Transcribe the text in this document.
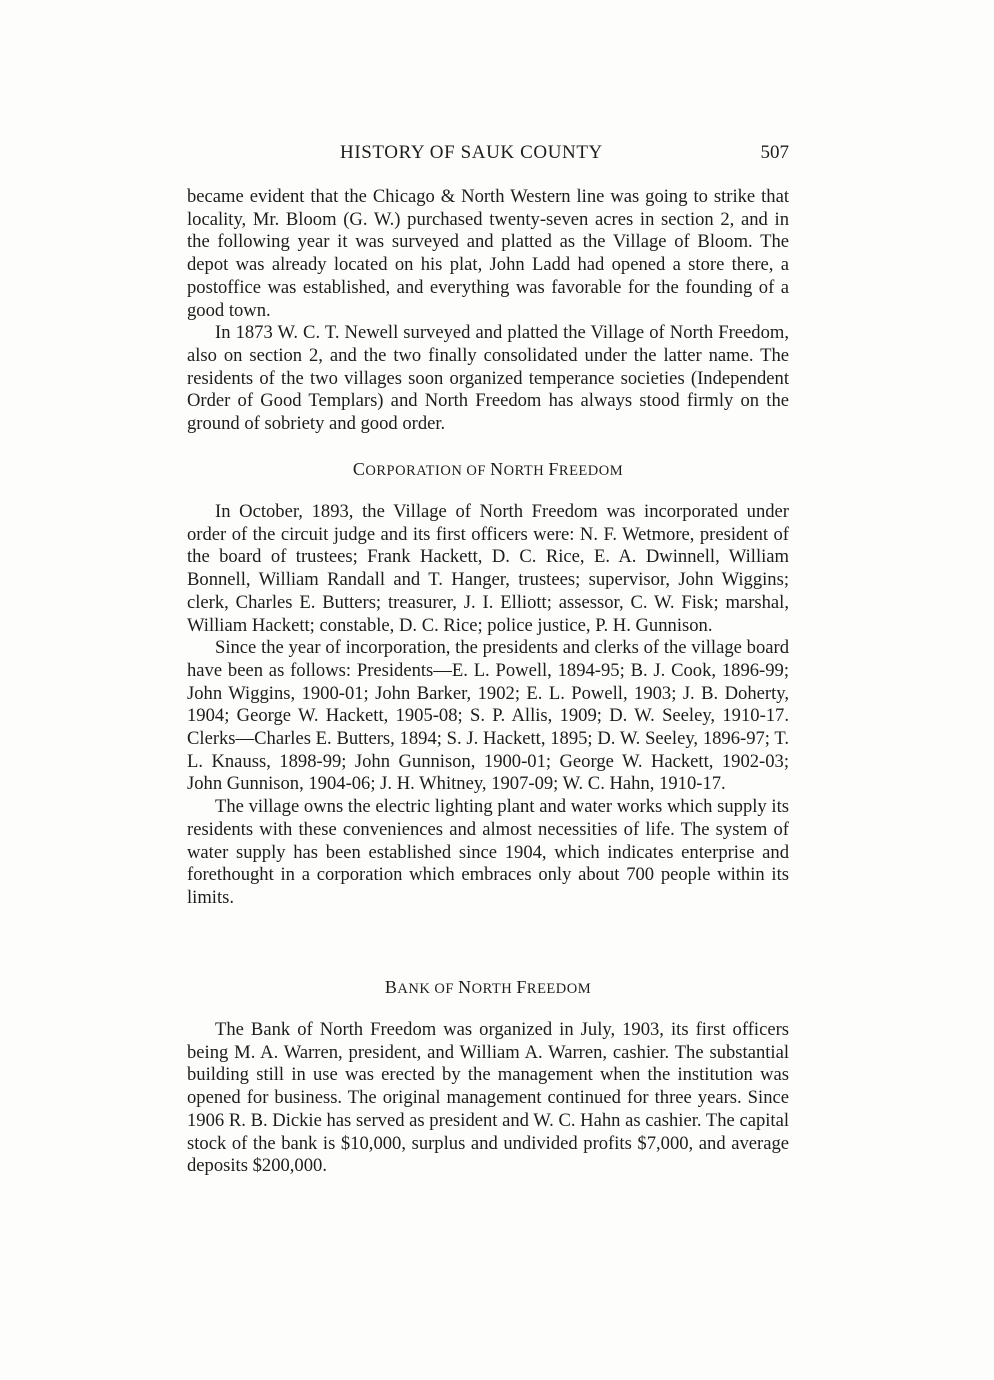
HISTORY OF SAUK COUNTY	507

became evident that the Chicago & North Western line was going to strike that locality, Mr. Bloom (G. W.) purchased twenty-seven acres in section 2, and in the following year it was surveyed and platted as the Village of Bloom. The depot was already located on his plat, John Ladd had opened a store there, a postoffice was established, and everything was favorable for the founding of a good town.

In 1873 W. C. T. Newell surveyed and platted the Village of North Freedom, also on section 2, and the two finally consolidated under the latter name. The residents of the two villages soon organized temperance societies (Independent Order of Good Templars) and North Freedom has always stood firmly on the ground of sobriety and good order.

CORPORATION OF NORTH FREEDOM

In October, 1893, the Village of North Freedom was incorporated under order of the circuit judge and its first officers were: N. F. Wetmore, president of the board of trustees; Frank Hackett, D. C. Rice, E. A. Dwinnell, William Bonnell, William Randall and T. Hanger, trustees; supervisor, John Wiggins; clerk, Charles E. Butters; treasurer, J. I. Elliott; assessor, C. W. Fisk; marshal, William Hackett; constable, D. C. Rice; police justice, P. H. Gunnison.

Since the year of incorporation, the presidents and clerks of the village board have been as follows: Presidents—E. L. Powell, 1894-95; B. J. Cook, 1896-99; John Wiggins, 1900-01; John Barker, 1902; E. L. Powell, 1903; J. B. Doherty, 1904; George W. Hackett, 1905-08; S. P. Allis, 1909; D. W. Seeley, 1910-17. Clerks—Charles E. Butters, 1894; S. J. Hackett, 1895; D. W. Seeley, 1896-97; T. L. Knauss, 1898-99; John Gunnison, 1900-01; George W. Hackett, 1902-03; John Gunnison, 1904-06; J. H. Whitney, 1907-09; W. C. Hahn, 1910-17.

The village owns the electric lighting plant and water works which supply its residents with these conveniences and almost necessities of life. The system of water supply has been established since 1904, which indicates enterprise and forethought in a corporation which embraces only about 700 people within its limits.

BANK OF NORTH FREEDOM

The Bank of North Freedom was organized in July, 1903, its first officers being M. A. Warren, president, and William A. Warren, cashier. The substantial building still in use was erected by the management when the institution was opened for business. The original management continued for three years. Since 1906 R. B. Dickie has served as president and W. C. Hahn as cashier. The capital stock of the bank is $10,000, surplus and undivided profits $7,000, and average deposits $200,000.
